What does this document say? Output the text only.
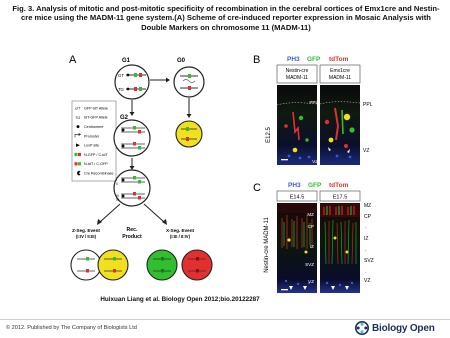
Fig. 3. Analysis of mitotic and post-mitotic specificity of recombination in the cerebral cortices of Emx1cre and Nestin-cre mice using the MADM-11 gene system.(A) Scheme of cre-induced reporter expression in Mosaic Analysis with Double Markers on chromosome 11 (MADM-11)
A	G1
GT
TG
G0
GT GFP-tdT Allele
TG tdT-GFP Allele
Centromere
Promoter
LoxP site
N-GFP / C-tdT
N-tdT / C-GFP
Cre Recombinase
G2
I
II
III
IV
Z-Seg. Event
(I:IV / II:III)
Rec.
Product
X-Seg. Event
(I:III / II:IV)
B	PH3 GFP tdTom
Nestin-cre
MADM-11
Emx1cre
MADM-11
E12.5
PPL	PPL
VZ
VZ
C	PH3 GFP tdTom
E14.5	E17.5
Nestin-cre MADM-11
MZ
CP
IZ
SVZ
VZ
MZ
CP
-
IZ
-
SVZ
-
VZ
Huixuan Liang et al. Biology Open 2012;bio.20122287
© 2012. Published by The Company of Biologists Ltd	Biology Open
